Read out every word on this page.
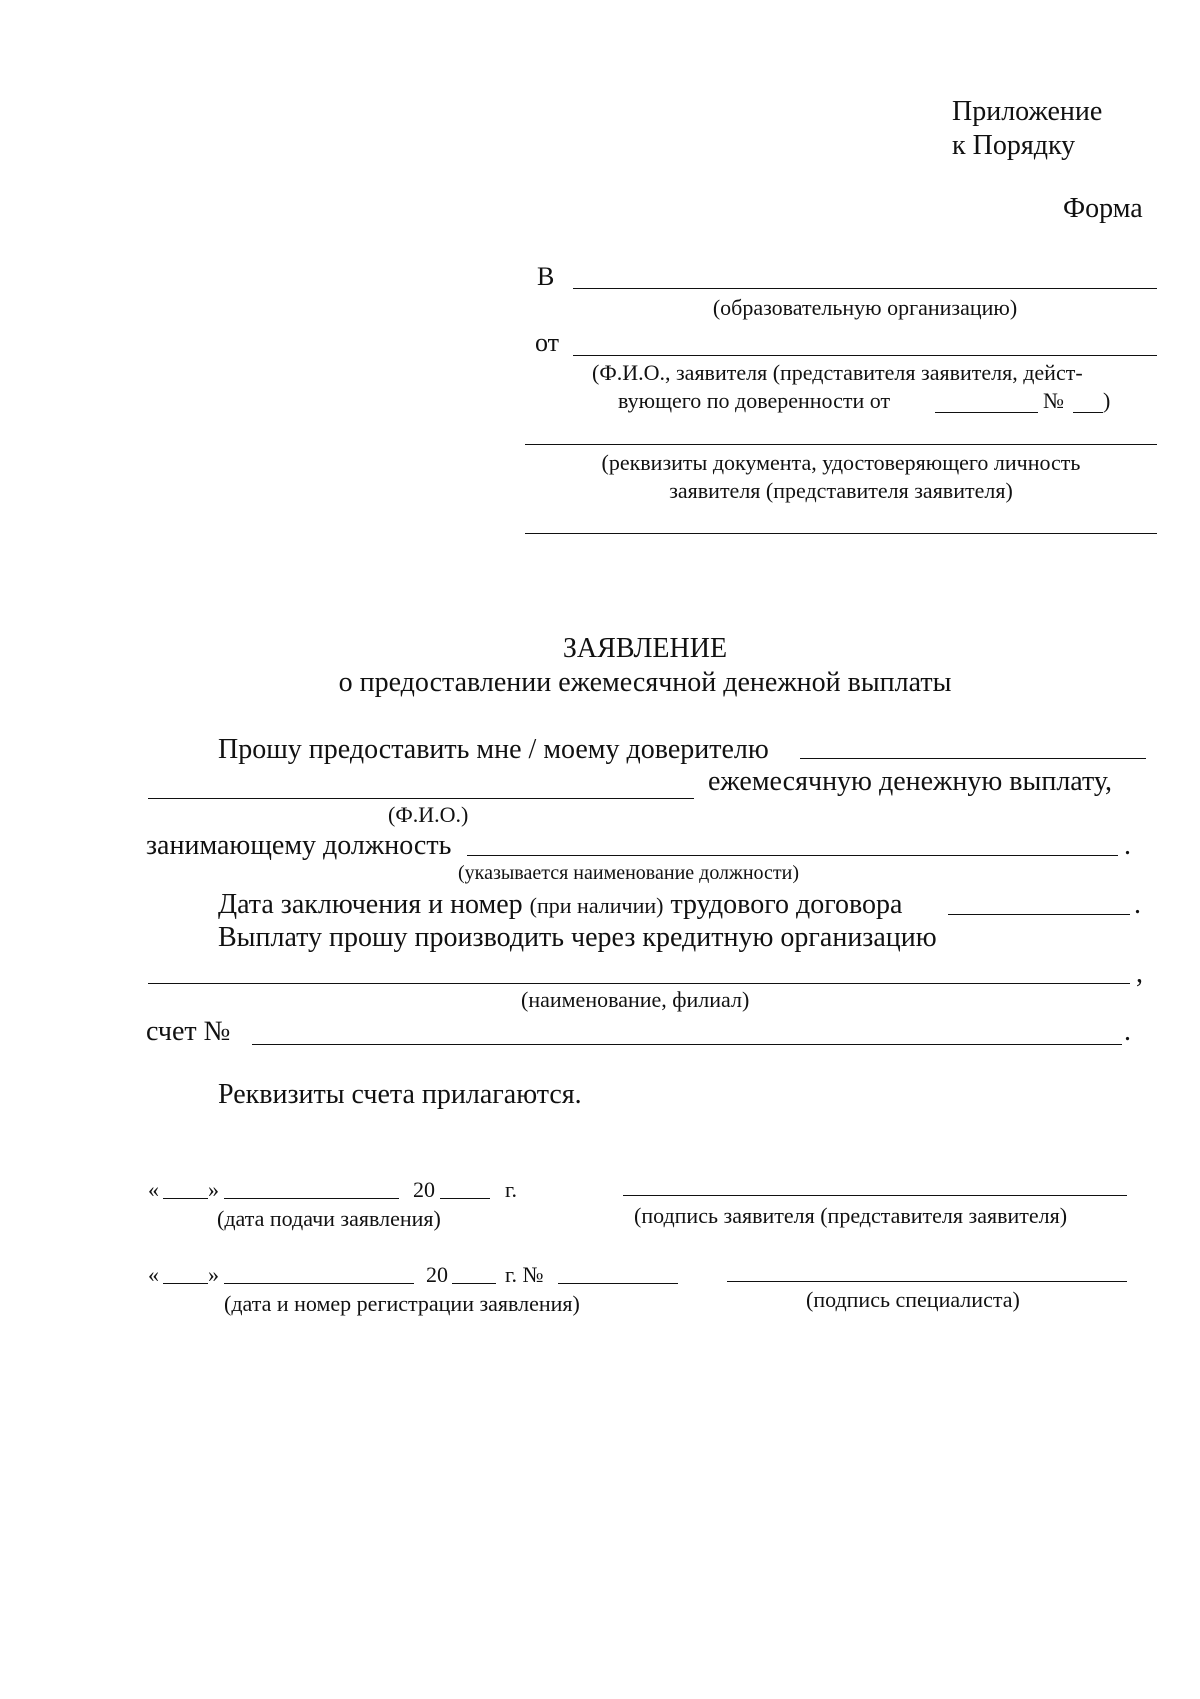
Приложение
к Порядку
Форма
В
(образовательную организацию)
от
(Ф.И.О., заявителя (представителя заявителя, дейст-
вующего по доверенности от	№ )
(реквизиты документа, удостоверяющего личность
заявителя (представителя заявителя)
ЗАЯВЛЕНИЕ
о предоставлении ежемесячной денежной выплаты
Прошу предоставить мне / моему доверителю
ежемесячную денежную выплату,
(Ф.И.О.)
занимающему должность	.
(указывается наименование должности)
Дата заключения и номер (при наличии) трудового договора	.
Выплату прошу производить через кредитную организацию
,
(наименование, филиал)
счет №	.
Реквизиты счета прилагаются.
« »	20	г.
(дата подачи заявления)	(подпись заявителя (представителя заявителя)
« »	20	г. №
(дата и номер регистрации заявления)	(подпись специалиста)
